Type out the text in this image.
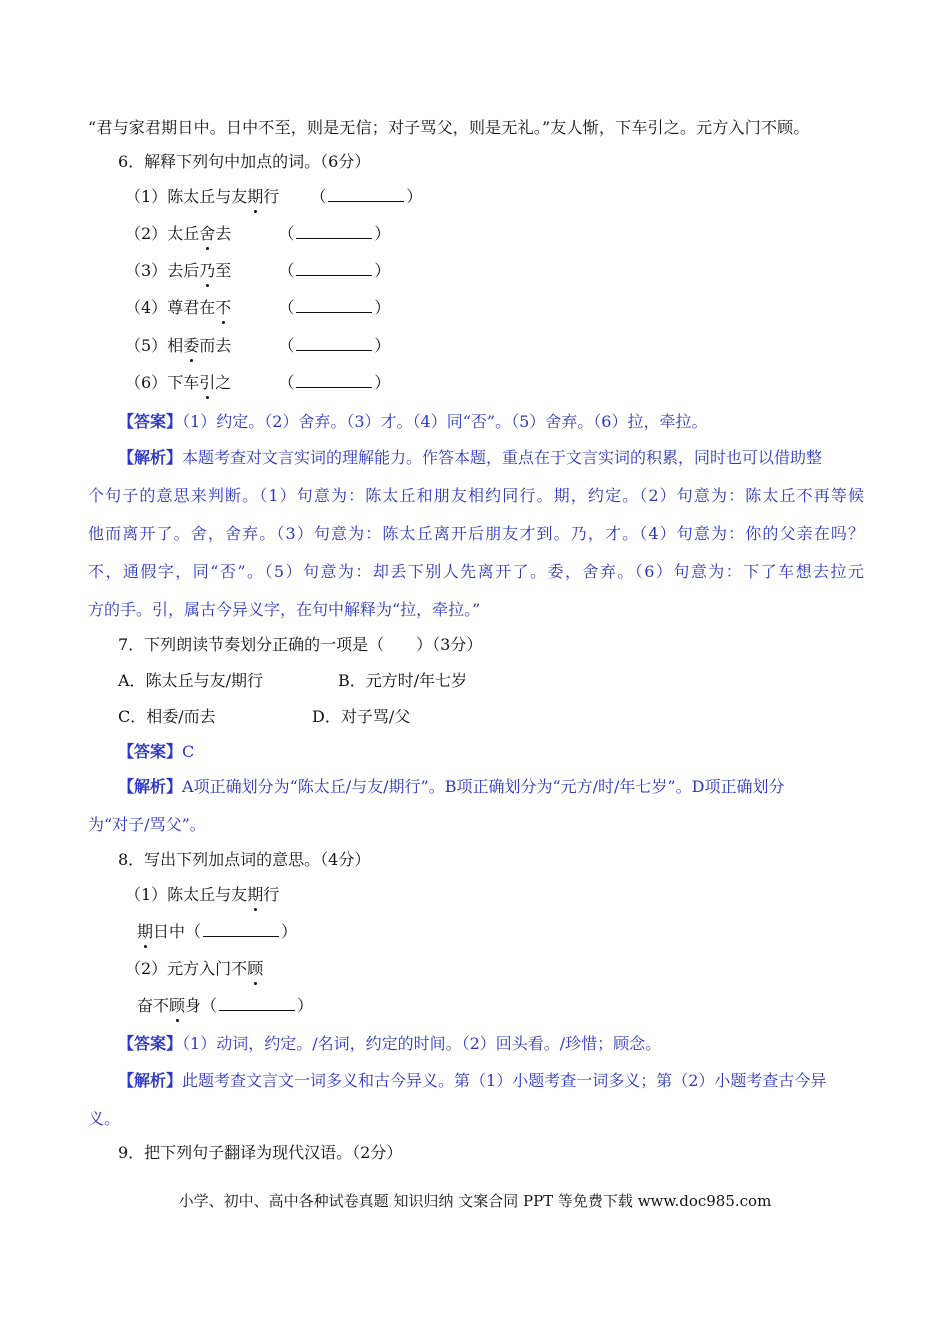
“君与家君期日中。日中不至，则是无信；对子骂父，则是无礼。”友人惭，下车引之。元方入门不顾。
6．解释下列句中加点的词。（6分）
（1）陈太丘与友期行 （	）
（2）太丘舍去	（	）
（3）去后乃至	（	）
（4）尊君在不	（	）
（5）相委而去	（	）
（6）下车引之	（	）
【答案】（1）约定。（2）舍弃。（3）才。（4）同“否”。（5）舍弃。（6）拉，牵拉。
【解析】本题考查对文言实词的理解能力。作答本题，重点在于文言实词的积累，同时也可以借助整
个句子的意思来判断。（1）句意为：陈太丘和朋友相约同行。期，约定。（2）句意为：陈太丘不再等候
他而离开了。舍，舍弃。（3）句意为：陈太丘离开后朋友才到。乃，才。（4）句意为：你的父亲在吗？
不，通假字，同“否”。（5）句意为：却丢下别人先离开了。委，舍弃。（6）句意为：下了车想去拉元
方的手。引，属古今异义字，在句中解释为“拉，牵拉。”
7．下列朗读节奏划分正确的一项是（　　）（3分）
A．陈太丘与友/期行	B．元方时/年七岁
C．相委/而去	D．对子骂/父
【答案】C
【解析】A项正确划分为“陈太丘/与友/期行”。B项正确划分为“元方/时/年七岁”。D项正确划分
为“对子/骂父”。
8．写出下列加点词的意思。（4分）
（1）陈太丘与友期行
期日中（	）
（2）元方入门不顾
奋不顾身（	）
【答案】（1）动词，约定。/名词，约定的时间。（2）回头看。/珍惜；顾念。
【解析】此题考查文言文一词多义和古今异义。第（1）小题考查一词多义；第（2）小题考查古今异
义。
9．把下列句子翻译为现代汉语。（2分）
小学、初中、高中各种试卷真题 知识归纳 文案合同 PPT 等免费下载 www.doc985.com
